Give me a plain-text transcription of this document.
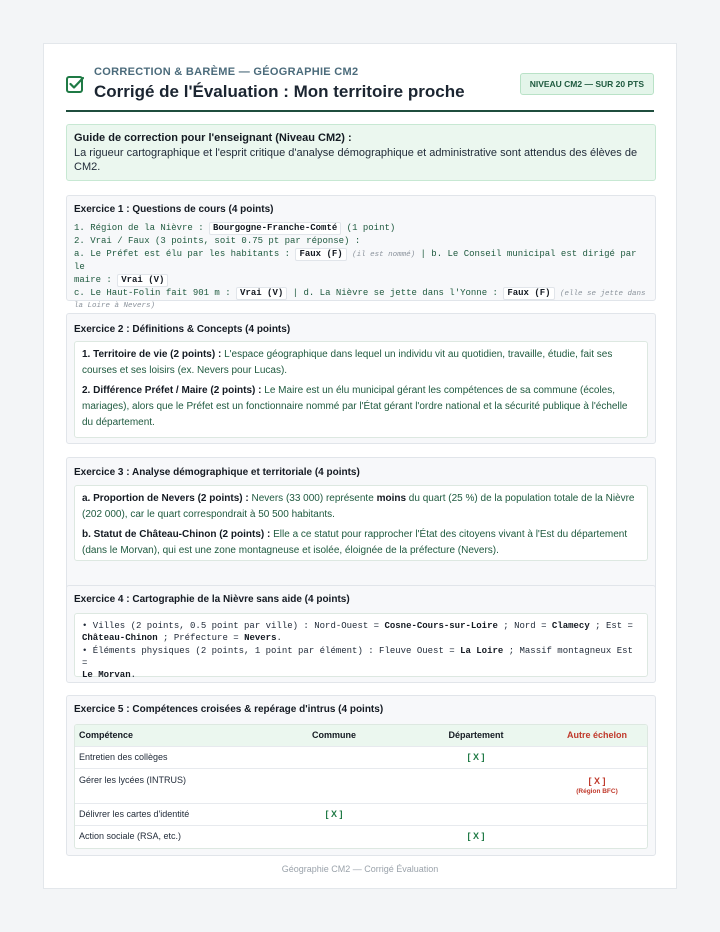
CORRECTION & BARÈME — GÉOGRAPHIE CM2
Corrigé de l'Évaluation : Mon territoire proche	NIVEAU CM2 — SUR 20 PTS
Guide de correction pour l'enseignant (Niveau CM2) :
La rigueur cartographique et l'esprit critique d'analyse démographique et administrative sont attendus des élèves de CM2.
Exercice 1 : Questions de cours (4 points)
1. Région de la Nièvre : Bourgogne-Franche-Comté (1 point)
2. Vrai / Faux (3 points, soit 0.75 pt par réponse) :
a. Le Préfet est élu par les habitants : Faux (F) (il est nommé) | b. Le Conseil municipal est dirigé par le
maire : Vrai (V)
c. Le Haut-Folin fait 901 m : Vrai (V) | d. La Nièvre se jette dans l'Yonne : Faux (F) (elle se jette dans
la Loire à Nevers)
Exercice 2 : Définitions & Concepts (4 points)
1. Territoire de vie (2 points) : L'espace géographique dans lequel un individu vit au quotidien, travaille, étudie, fait ses courses et ses loisirs (ex. Nevers pour Lucas).
2. Différence Préfet / Maire (2 points) : Le Maire est un élu municipal gérant les compétences de sa commune (écoles, mariages), alors que le Préfet est un fonctionnaire nommé par l'État gérant l'ordre national et la sécurité publique à l'échelle du département.
Exercice 3 : Analyse démographique et territoriale (4 points)
a. Proportion de Nevers (2 points) : Nevers (33 000) représente moins du quart (25 %) de la population totale de la Nièvre (202 000), car le quart correspondrait à 50 500 habitants.
b. Statut de Château-Chinon (2 points) : Elle a ce statut pour rapprocher l'État des citoyens vivant à l'Est du département (dans le Morvan), qui est une zone montagneuse et isolée, éloignée de la préfecture (Nevers).
Exercice 4 : Cartographie de la Nièvre sans aide (4 points)
• Villes (2 points, 0.5 point par ville) : Nord-Ouest = Cosne-Cours-sur-Loire ; Nord = Clamecy ; Est =
Château-Chinon ; Préfecture = Nevers.
• Éléments physiques (2 points, 1 point par élément) : Fleuve Ouest = La Loire ; Massif montagneux Est =
Le Morvan.
Exercice 5 : Compétences croisées & repérage d'intrus (4 points)
Compétence	Commune	Département	Autre échelon
Entretien des collèges		[ X ]	
Gérer les lycées (INTRUS)			[ X ]
(Région BFC)

Délivrer les cartes d'identité	[ X ]		
Action sociale (RSA, etc.)		[ X ]	
Géographie CM2 — Corrigé Évaluation
